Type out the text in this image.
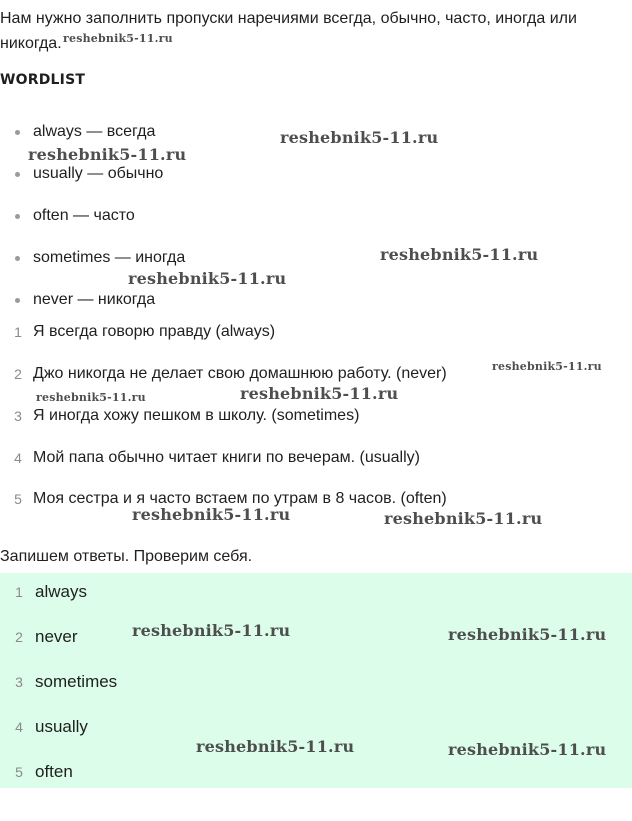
Нам нужно заполнить пропуски наречиями всегда, обычно, часто, иногда или никогда.

WORDLIST
always — всегда
usually — обычно
often — часто
sometimes — иногда
never — никогда
1 Я всегда говорю правду (always)
2 Джо никогда не делает свою домашнюю работу. (never)
3 Я иногда хожу пешком в школу. (sometimes)
4 Мой папа обычно читает книги по вечерам. (usually)
5 Моя сестра и я часто встаем по утрам в 8 часов. (often)
Запишем ответы. Проверим себя.
1 always
2 never
3 sometimes
4 usually
5 often
reshebnik5-11.ru
reshebnik5-11.ru
reshebnik5-11.ru
reshebnik5-11.ru
reshebnik5-11.ru
reshebnik5-11.ru
reshebnik5-11.ru	reshebnik5-11.ru
reshebnik5-11.ru	reshebnik5-11.ru
reshebnik5-11.ru	reshebnik5-11.ru
reshebnik5-11.ru	reshebnik5-11.ru
